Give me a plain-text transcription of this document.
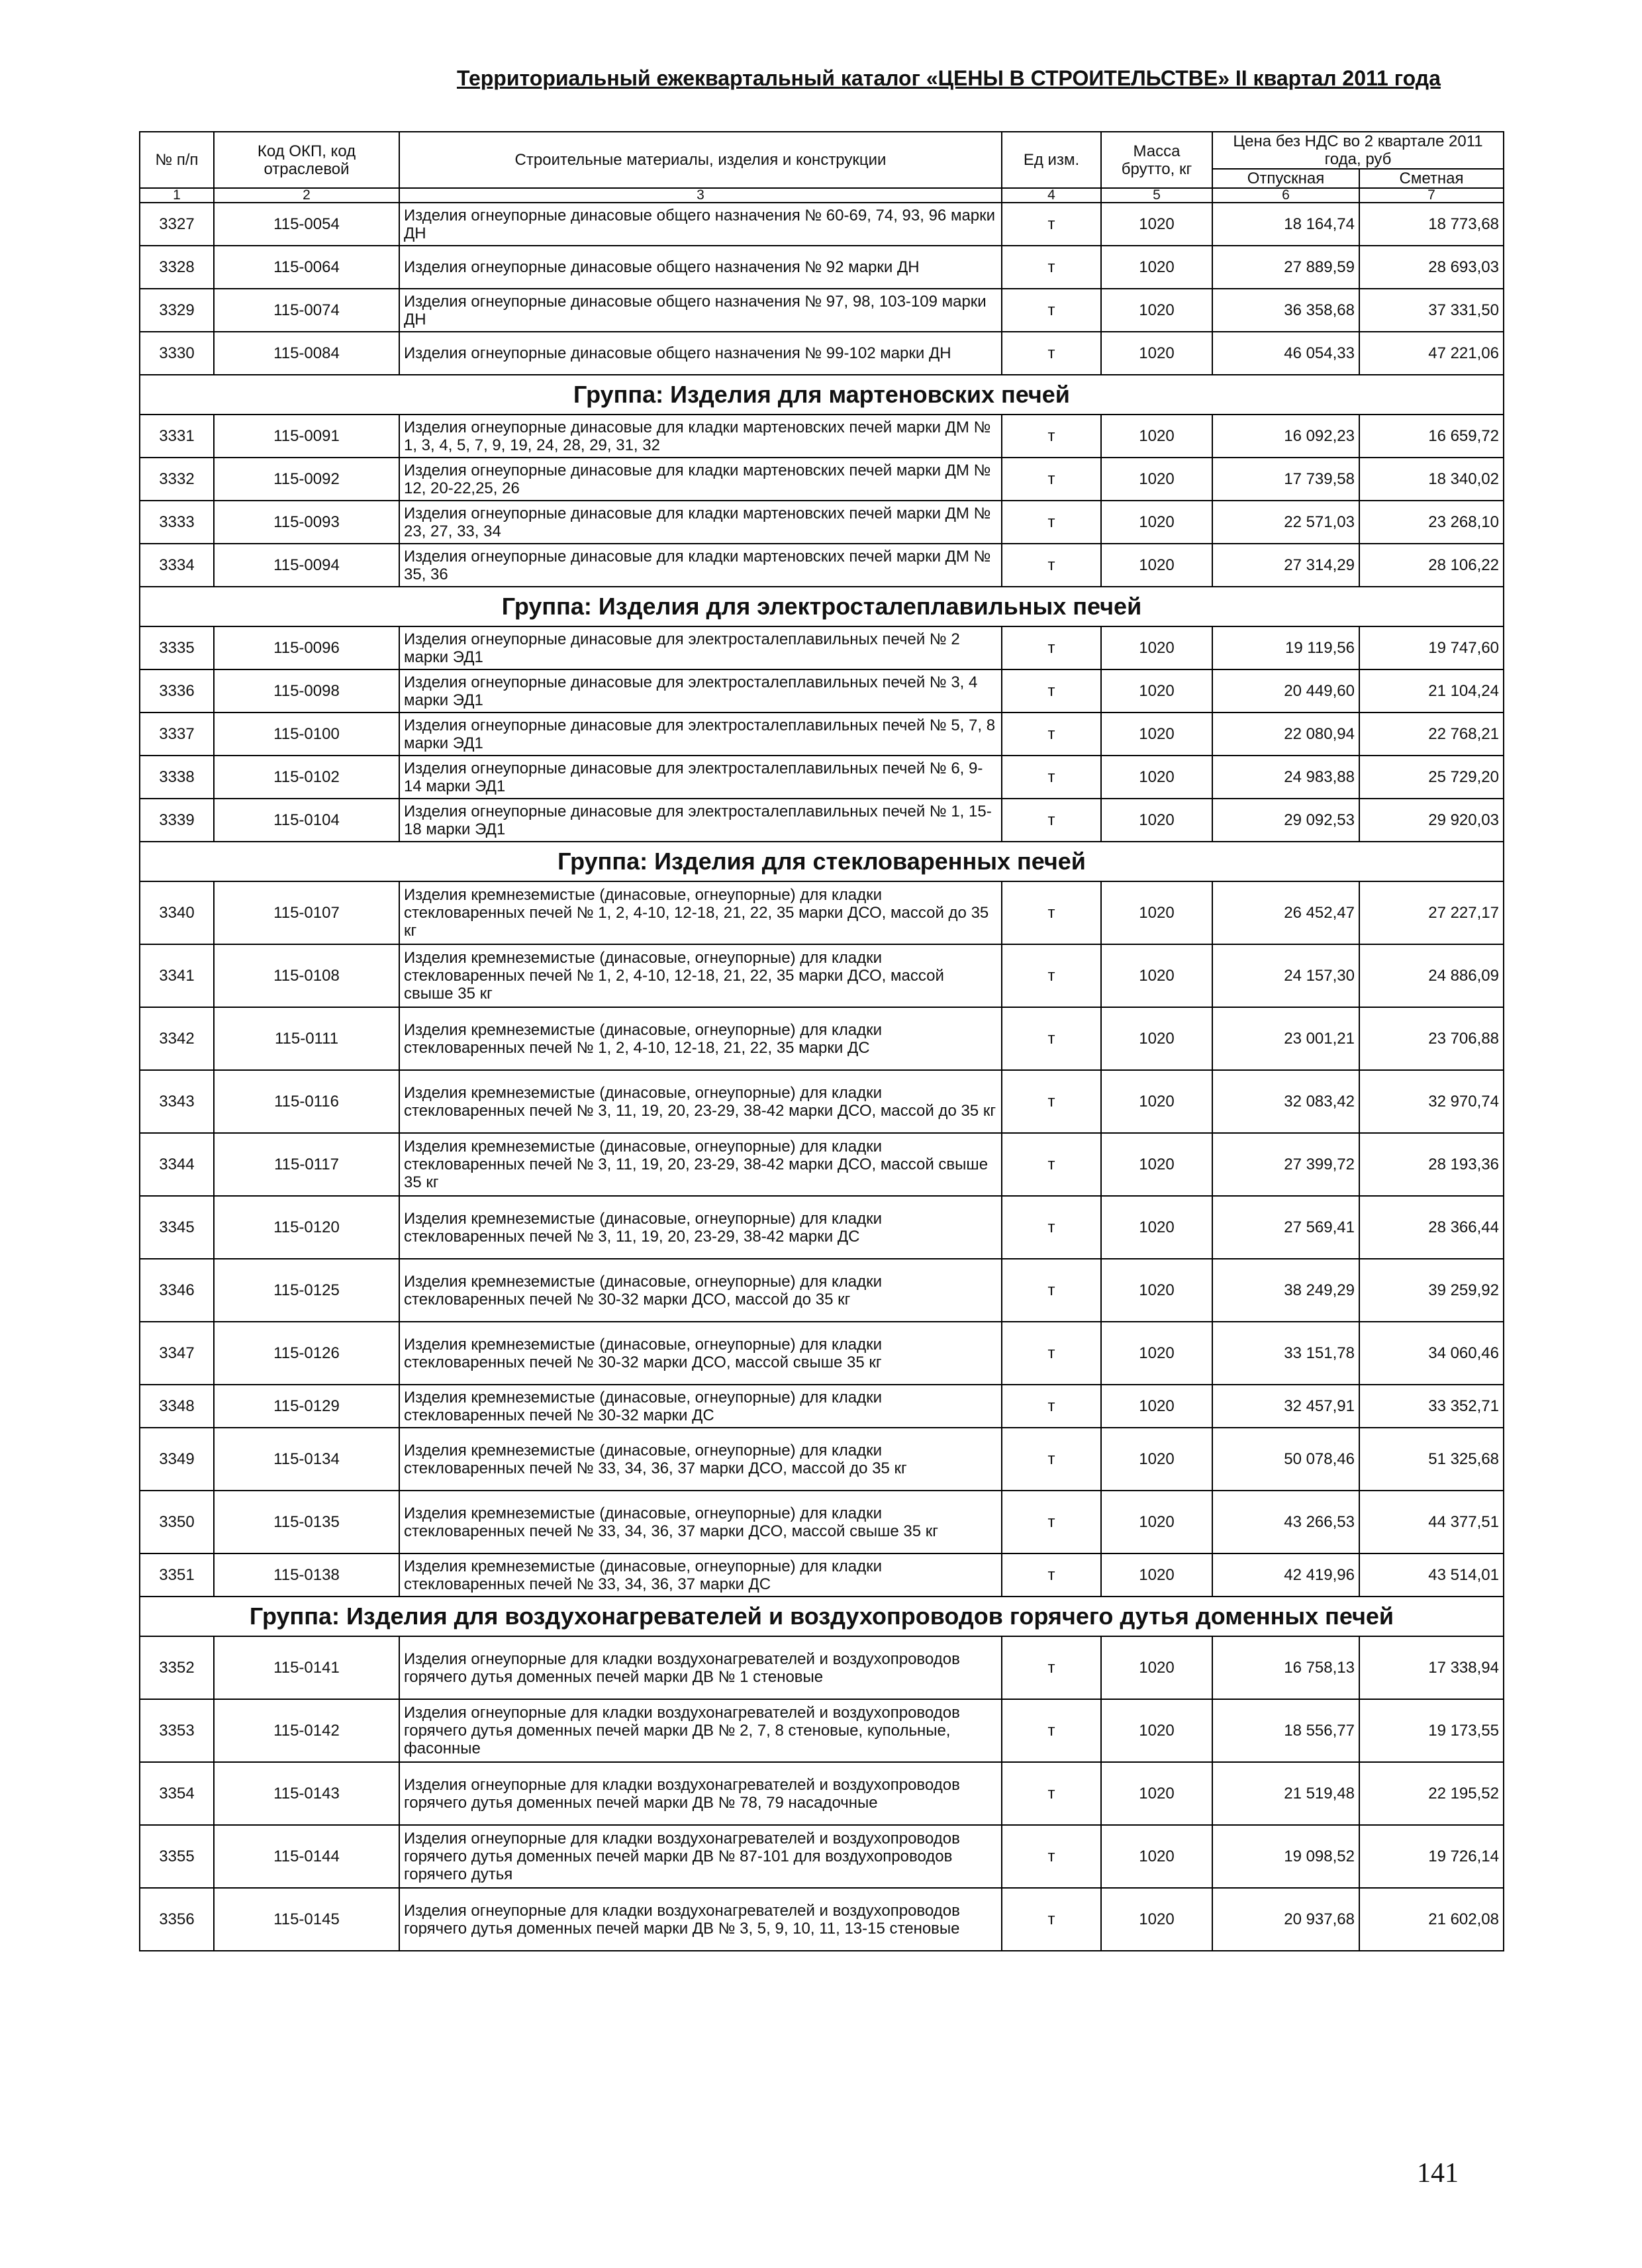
Территориальный ежеквартальный каталог «ЦЕНЫ В СТРОИТЕЛЬСТВЕ» II квартал 2011 года
№ п/п	Код ОКП, код отраслевой	Строительные материалы, изделия и конструкции	Ед изм.	Масса брутто, кг	Цена без НДС во 2 квартале 2011 года, руб	
					Отпускная	Сметная
1	2	3	4	5	6	7
3327	115-0054	Изделия огнеупорные динасовые общего назначения № 60-69, 74, 93, 96 марки ДН	т	1020	18 164,74	18 773,68
3328	115-0064	Изделия огнеупорные динасовые общего назначения № 92 марки ДН	т	1020	27 889,59	28 693,03
3329	115-0074	Изделия огнеупорные динасовые общего назначения № 97, 98, 103-109 марки ДН	т	1020	36 358,68	37 331,50
3330	115-0084	Изделия огнеупорные динасовые общего назначения № 99-102 марки ДН	т	1020	46 054,33	47 221,06
Группа: Изделия для мартеновских печей						
3331	115-0091	Изделия огнеупорные динасовые для кладки мартеновских печей марки ДМ № 1, 3, 4, 5, 7, 9, 19, 24, 28, 29, 31, 32	т	1020	16 092,23	16 659,72
3332	115-0092	Изделия огнеупорные динасовые для кладки мартеновских печей марки ДМ № 12, 20-22,25, 26	т	1020	17 739,58	18 340,02
3333	115-0093	Изделия огнеупорные динасовые для кладки мартеновских печей марки ДМ № 23, 27, 33, 34	т	1020	22 571,03	23 268,10
3334	115-0094	Изделия огнеупорные динасовые для кладки мартеновских печей марки ДМ № 35, 36	т	1020	27 314,29	28 106,22
Группа: Изделия для электросталеплавильных печей						
3335	115-0096	Изделия огнеупорные динасовые для электросталеплавильных печей № 2 марки ЭД1	т	1020	19 119,56	19 747,60
3336	115-0098	Изделия огнеупорные динасовые для электросталеплавильных печей № 3, 4 марки ЭД1	т	1020	20 449,60	21 104,24
3337	115-0100	Изделия огнеупорные динасовые для электросталеплавильных печей № 5, 7, 8 марки ЭД1	т	1020	22 080,94	22 768,21
3338	115-0102	Изделия огнеупорные динасовые для электросталеплавильных печей № 6, 9-14 марки ЭД1	т	1020	24 983,88	25 729,20
3339	115-0104	Изделия огнеупорные динасовые для электросталеплавильных печей № 1, 15-18 марки ЭД1	т	1020	29 092,53	29 920,03
Группа: Изделия для стекловаренных печей						
3340	115-0107	Изделия кремнеземистые (динасовые, огнеупорные) для кладки стекловаренных печей № 1, 2, 4-10, 12-18, 21, 22, 35 марки ДСО, массой до 35 кг	т	1020	26 452,47	27 227,17
3341	115-0108	Изделия кремнеземистые (динасовые, огнеупорные) для кладки стекловаренных печей № 1, 2, 4-10, 12-18, 21, 22, 35 марки ДСО, массой свыше 35 кг	т	1020	24 157,30	24 886,09
3342	115-0111	Изделия кремнеземистые (динасовые, огнеупорные) для кладки стекловаренных печей № 1, 2, 4-10, 12-18, 21, 22, 35 марки ДС	т	1020	23 001,21	23 706,88
3343	115-0116	Изделия кремнеземистые (динасовые, огнеупорные) для кладки стекловаренных печей № 3, 11, 19, 20, 23-29, 38-42 марки ДСО, массой до 35 кг	т	1020	32 083,42	32 970,74
3344	115-0117	Изделия кремнеземистые (динасовые, огнеупорные) для кладки стекловаренных печей № 3, 11, 19, 20, 23-29, 38-42 марки ДСО, массой свыше 35 кг	т	1020	27 399,72	28 193,36
3345	115-0120	Изделия кремнеземистые (динасовые, огнеупорные) для кладки стекловаренных печей № 3, 11, 19, 20, 23-29, 38-42 марки ДС	т	1020	27 569,41	28 366,44
3346	115-0125	Изделия кремнеземистые (динасовые, огнеупорные) для кладки стекловаренных печей № 30-32 марки ДСО, массой до 35 кг	т	1020	38 249,29	39 259,92
3347	115-0126	Изделия кремнеземистые (динасовые, огнеупорные) для кладки стекловаренных печей № 30-32 марки ДСО, массой свыше 35 кг	т	1020	33 151,78	34 060,46
3348	115-0129	Изделия кремнеземистые (динасовые, огнеупорные) для кладки стекловаренных печей № 30-32 марки ДС	т	1020	32 457,91	33 352,71
3349	115-0134	Изделия кремнеземистые (динасовые, огнеупорные) для кладки стекловаренных печей № 33, 34, 36, 37 марки ДСО, массой до 35 кг	т	1020	50 078,46	51 325,68
3350	115-0135	Изделия кремнеземистые (динасовые, огнеупорные) для кладки стекловаренных печей № 33, 34, 36, 37 марки ДСО, массой свыше 35 кг	т	1020	43 266,53	44 377,51
3351	115-0138	Изделия кремнеземистые (динасовые, огнеупорные) для кладки стекловаренных печей № 33, 34, 36, 37 марки ДС	т	1020	42 419,96	43 514,01
Группа: Изделия для воздухонагревателей и воздухопроводов горячего дутья доменных печей						
3352	115-0141	Изделия огнеупорные для кладки воздухонагревателей и воздухопроводов горячего дутья доменных печей марки ДВ № 1 стеновые	т	1020	16 758,13	17 338,94
3353	115-0142	Изделия огнеупорные для кладки воздухонагревателей и воздухопроводов горячего дутья доменных печей марки ДВ № 2, 7, 8 стеновые, купольные, фасонные	т	1020	18 556,77	19 173,55
3354	115-0143	Изделия огнеупорные для кладки воздухонагревателей и воздухопроводов горячего дутья доменных печей марки ДВ № 78, 79 насадочные	т	1020	21 519,48	22 195,52
3355	115-0144	Изделия огнеупорные для кладки воздухонагревателей и воздухопроводов горячего дутья доменных печей марки ДВ № 87-101 для воздухопроводов горячего дутья	т	1020	19 098,52	19 726,14
3356	115-0145	Изделия огнеупорные для кладки воздухонагревателей и воздухопроводов горячего дутья доменных печей марки ДВ № 3, 5, 9, 10, 11, 13-15 стеновые	т	1020	20 937,68	21 602,08
141
